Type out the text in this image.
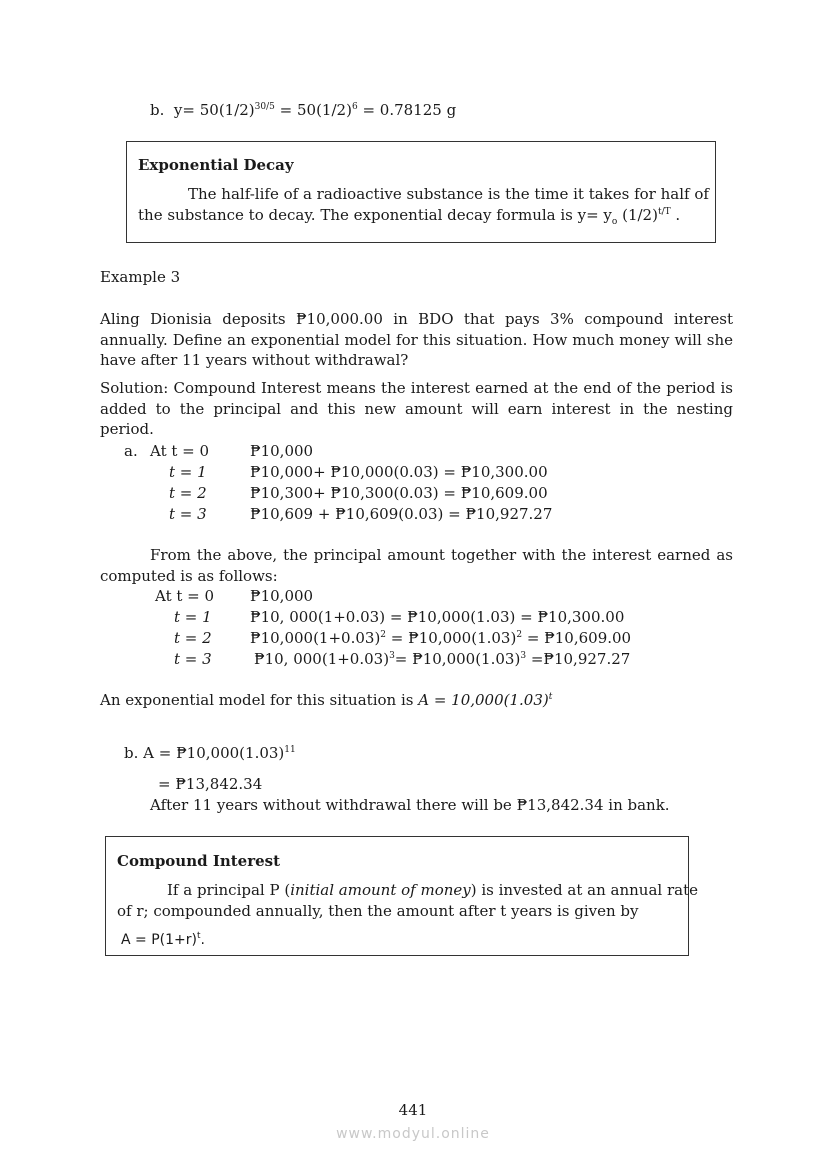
b. $y= 50(1/2)^{30/5} = 50(1/2)^6 = 0.78125$ g
Exponential Decay
The half-life of a radioactive substance is the time it takes for half of
the substance to decay. The exponential decay formula is $y= y_o$ $(1/2)^{t/T}$ .
Example 3
Aling Dionisia deposits ₱10,000.00 in BDO that pays 3% compound interest annually. Define an exponential model for this situation. How much money will she have after 11 years without withdrawal?
Solution: Compound Interest means the interest earned at the end of the period is added to the principal and this new amount will earn interest in the nesting period.
a. At t = 0	₱10,000
t = 1	₱10,000+ ₱10,000(0.03) = ₱10,300.00
t = 2	₱10,300+ ₱10,300(0.03) = ₱10,609.00
t = 3	₱10,609 + ₱10,609(0.03) = ₱10,927.27
From the above, the principal amount together with the interest earned as computed is as follows:
At t = 0 ₱10,000
t = 1	₱10, 000(1+0.03) = ₱10,000(1.03) = ₱10,300.00
t = 2	$₱10,000(1+0.03)^2$ = $₱10,000(1.03)^2$ = ₱10,609.00
t = 3	₱10, $000(1+0.03)^3=$ $₱10,000(1.03)^3$ =₱10,927.27
An exponential model for this situation is $A = 10,000(1.03)^t$
b. $A = ₱10,000(1.03)^{11}$
= ₱13,842.34
After 11 years without withdrawal there will be ₱13,842.34 in bank.
Compound Interest
If a principal P (initial amount of money) is invested at an annual rate
of r; compounded annually, then the amount after t years is given by
$A = P(1+r)^t$.
441
www.modyul.online
